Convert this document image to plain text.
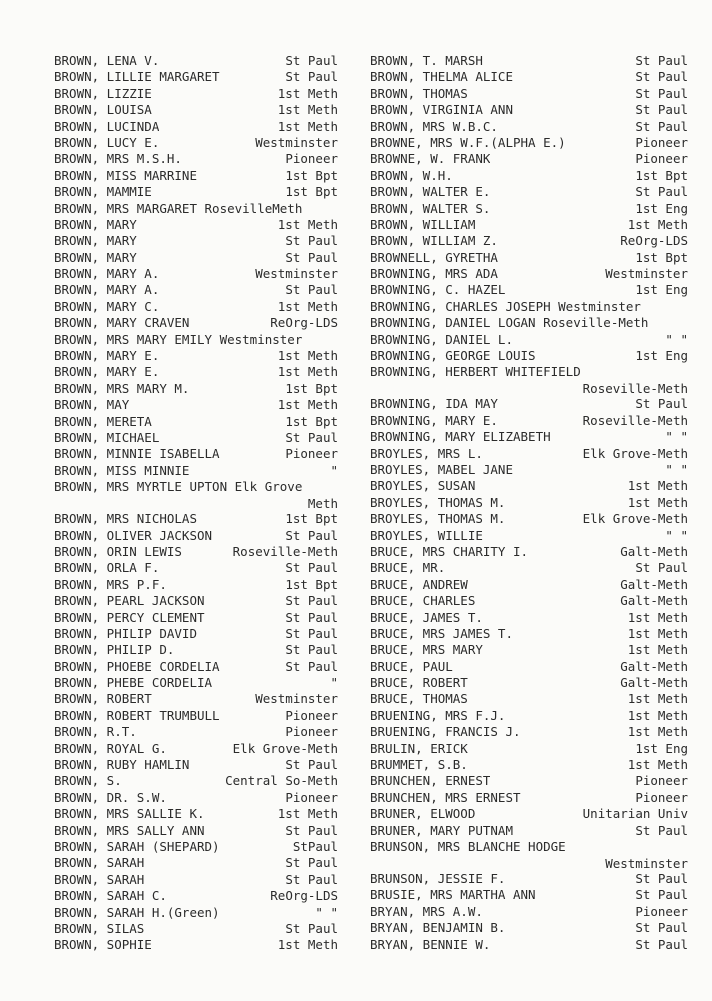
BROWN, LENA V.	St Paul
BROWN, LILLIE MARGARET	St Paul
BROWN, LIZZIE	1st Meth
BROWN, LOUISA	1st Meth
BROWN, LUCINDA	1st Meth
BROWN, LUCY E.	Westminster
BROWN, MRS M.S.H.	Pioneer
BROWN, MISS MARRINE	1st Bpt
BROWN, MAMMIE	1st Bpt
BROWN, MRS MARGARET RosevilleMeth
BROWN, MARY	1st Meth
BROWN, MARY	St Paul
BROWN, MARY	St Paul
BROWN, MARY A.	Westminster
BROWN, MARY A.	St Paul
BROWN, MARY C.	1st Meth
BROWN, MARY CRAVEN	ReOrg-LDS
BROWN, MRS MARY EMILY Westminster
BROWN, MARY E.	1st Meth
BROWN, MARY E.	1st Meth
BROWN, MRS MARY M.	1st Bpt
BROWN, MAY	1st Meth
BROWN, MERETA	1st Bpt
BROWN, MICHAEL	St Paul
BROWN, MINNIE ISABELLA	Pioneer
BROWN, MISS MINNIE	"
BROWN, MRS MYRTLE UPTON Elk Grove
Meth
BROWN, MRS NICHOLAS	1st Bpt
BROWN, OLIVER JACKSON	St Paul
BROWN, ORIN LEWIS	Roseville-Meth
BROWN, ORLA F.	St Paul
BROWN, MRS P.F.	1st Bpt
BROWN, PEARL JACKSON	St Paul
BROWN, PERCY CLEMENT	St Paul
BROWN, PHILIP DAVID	St Paul
BROWN, PHILIP D.	St Paul
BROWN, PHOEBE CORDELIA	St Paul
BROWN, PHEBE CORDELIA	"
BROWN, ROBERT	Westminster
BROWN, ROBERT TRUMBULL	Pioneer
BROWN, R.T.	Pioneer
BROWN, ROYAL G.	Elk Grove-Meth
BROWN, RUBY HAMLIN	St Paul
BROWN, S.	Central So-Meth
BROWN, DR. S.W.	Pioneer
BROWN, MRS SALLIE K.	1st Meth
BROWN, MRS SALLY ANN	St Paul
BROWN, SARAH (SHEPARD)	StPaul
BROWN, SARAH	St Paul
BROWN, SARAH	St Paul
BROWN, SARAH C.	ReOrg-LDS
BROWN, SARAH H.(Green)	" "
BROWN, SILAS	St Paul
BROWN, SOPHIE	1st Meth
BROWN, T. MARSH	St Paul
BROWN, THELMA ALICE	St Paul
BROWN, THOMAS	St Paul
BROWN, VIRGINIA ANN	St Paul
BROWN, MRS W.B.C.	St Paul
BROWNE, MRS W.F.(ALPHA E.)	Pioneer
BROWNE, W. FRANK	Pioneer
BROWN, W.H.	1st Bpt
BROWN, WALTER E.	St Paul
BROWN, WALTER S.	1st Eng
BROWN, WILLIAM	1st Meth
BROWN, WILLIAM Z.	ReOrg-LDS
BROWNELL, GYRETHA	1st Bpt
BROWNING, MRS ADA	Westminster
BROWNING, C. HAZEL	1st Eng
BROWNING, CHARLES JOSEPH Westminster
BROWNING, DANIEL LOGAN Roseville-Meth
BROWNING, DANIEL L.	" "
BROWNING, GEORGE LOUIS	1st Eng
BROWNING, HERBERT WHITEFIELD
Roseville-Meth
BROWNING, IDA MAY	St Paul
BROWNING, MARY E.	Roseville-Meth
BROWNING, MARY ELIZABETH	" "
BROYLES, MRS L.	Elk Grove-Meth
BROYLES, MABEL JANE	" "
BROYLES, SUSAN	1st Meth
BROYLES, THOMAS M.	1st Meth
BROYLES, THOMAS M.	Elk Grove-Meth
BROYLES, WILLIE	" "
BRUCE, MRS CHARITY I.	Galt-Meth
BRUCE, MR.	St Paul
BRUCE, ANDREW	Galt-Meth
BRUCE, CHARLES	Galt-Meth
BRUCE, JAMES T.	1st Meth
BRUCE, MRS JAMES T.	1st Meth
BRUCE, MRS MARY	1st Meth
BRUCE, PAUL	Galt-Meth
BRUCE, ROBERT	Galt-Meth
BRUCE, THOMAS	1st Meth
BRUENING, MRS F.J.	1st Meth
BRUENING, FRANCIS J.	1st Meth
BRULIN, ERICK	1st Eng
BRUMMET, S.B.	1st Meth
BRUNCHEN, ERNEST	Pioneer
BRUNCHEN, MRS ERNEST	Pioneer
BRUNER, ELWOOD	Unitarian Univ
BRUNER, MARY PUTNAM	St Paul
BRUNSON, MRS BLANCHE HODGE
Westminster
BRUNSON, JESSIE F.	St Paul
BRUSIE, MRS MARTHA ANN	St Paul
BRYAN, MRS A.W.	Pioneer
BRYAN, BENJAMIN B.	St Paul
BRYAN, BENNIE W.	St Paul
